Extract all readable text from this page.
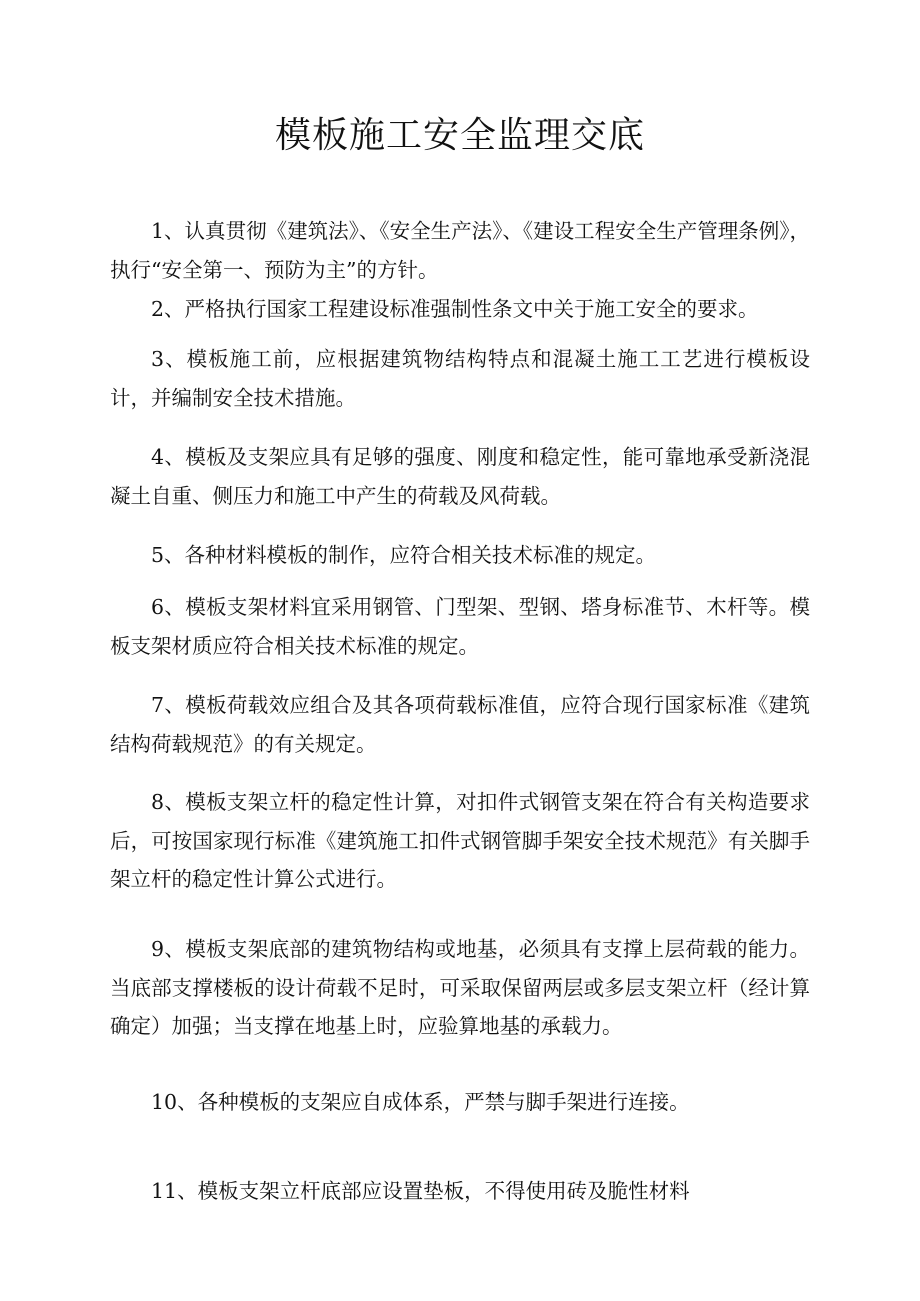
模板施工安全监理交底

1、认真贯彻《建筑法》、《安全生产法》、《建设工程安全生产管理条例》，执行“安全第一、预防为主”的方针。

2、严格执行国家工程建设标准强制性条文中关于施工安全的要求。

3、模板施工前，应根据建筑物结构特点和混凝土施工工艺进行模板设计，并编制安全技术措施。

4、模板及支架应具有足够的强度、刚度和稳定性，能可靠地承受新浇混凝土自重、侧压力和施工中产生的荷载及风荷载。

5、各种材料模板的制作，应符合相关技术标准的规定。

6、模板支架材料宜采用钢管、门型架、型钢、塔身标准节、木杆等。模板支架材质应符合相关技术标准的规定。

7、模板荷载效应组合及其各项荷载标准值，应符合现行国家标准《建筑结构荷载规范》的有关规定。

8、模板支架立杆的稳定性计算，对扣件式钢管支架在符合有关构造要求后，可按国家现行标准《建筑施工扣件式钢管脚手架安全技术规范》有关脚手架立杆的稳定性计算公式进行。

9、模板支架底部的建筑物结构或地基，必须具有支撑上层荷载的能力。当底部支撑楼板的设计荷载不足时，可采取保留两层或多层支架立杆（经计算确定）加强；当支撑在地基上时，应验算地基的承载力。

10、各种模板的支架应自成体系，严禁与脚手架进行连接。

11、模板支架立杆底部应设置垫板，不得使用砖及脆性材料
